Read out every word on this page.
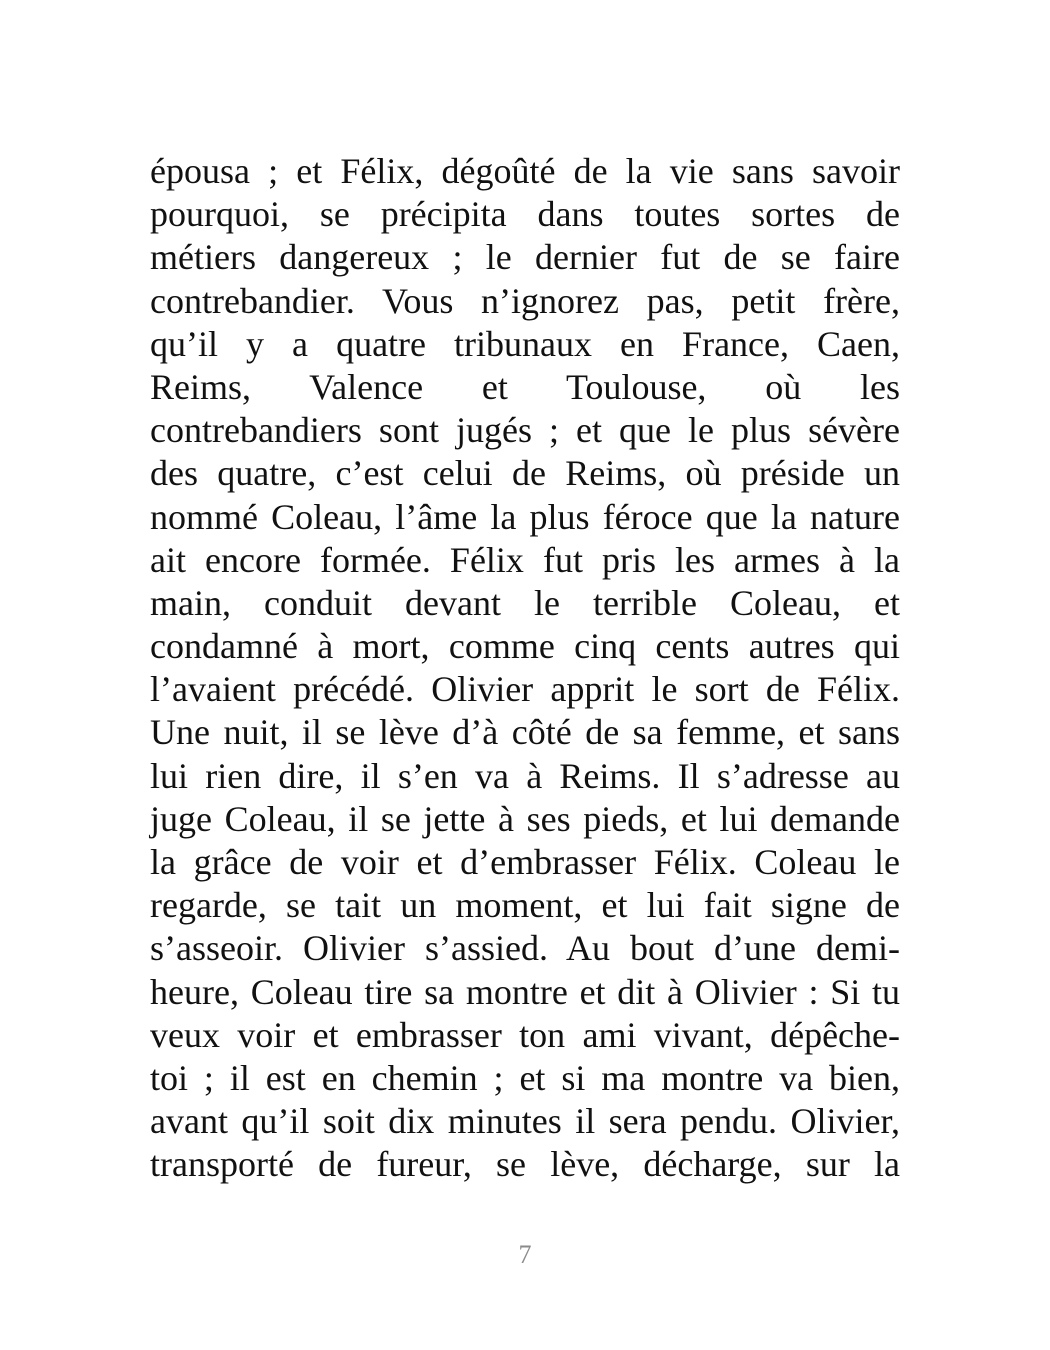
épousa ; et Félix, dégoûté de la vie sans savoir
pourquoi, se précipita dans toutes sortes de
métiers dangereux ; le dernier fut de se faire
contrebandier. Vous n’ignorez pas, petit frère,
qu’il y a quatre tribunaux en France, Caen,
Reims, Valence et Toulouse, où les
contrebandiers sont jugés ; et que le plus sévère
des quatre, c’est celui de Reims, où préside un
nommé Coleau, l’âme la plus féroce que la nature
ait encore formée. Félix fut pris les armes à la
main, conduit devant le terrible Coleau, et
condamné à mort, comme cinq cents autres qui
l’avaient précédé. Olivier apprit le sort de Félix.
Une nuit, il se lève d’à côté de sa femme, et sans
lui rien dire, il s’en va à Reims. Il s’adresse au
juge Coleau, il se jette à ses pieds, et lui demande
la grâce de voir et d’embrasser Félix. Coleau le
regarde, se tait un moment, et lui fait signe de
s’asseoir. Olivier s’assied. Au bout d’une demi-
heure, Coleau tire sa montre et dit à Olivier : Si tu
veux voir et embrasser ton ami vivant, dépêche-
toi ; il est en chemin ; et si ma montre va bien,
avant qu’il soit dix minutes il sera pendu. Olivier,
transporté de fureur, se lève, décharge, sur la
7
